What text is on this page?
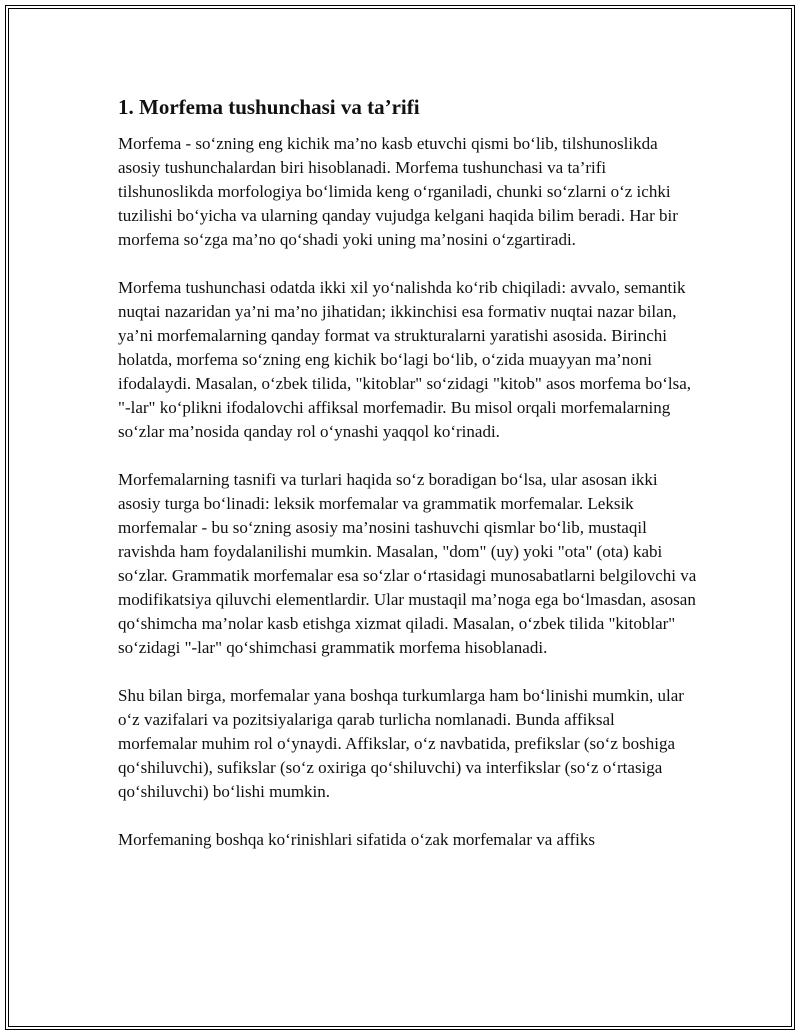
1. Morfema tushunchasi va ta’rifi

Morfema - so‘zning eng kichik ma’no kasb etuvchi qismi bo‘lib, tilshunoslikda asosiy tushunchalardan biri hisoblanadi. Morfema tushunchasi va ta’rifi tilshunoslikda morfologiya bo‘limida keng o‘rganiladi, chunki so‘zlarni o‘z ichki tuzilishi bo‘yicha va ularning qanday vujudga kelgani haqida bilim beradi. Har bir morfema so‘zga ma’no qo‘shadi yoki uning ma’nosini o‘zgartiradi.

Morfema tushunchasi odatda ikki xil yo‘nalishda ko‘rib chiqiladi: avvalo, semantik nuqtai nazaridan ya’ni ma’no jihatidan; ikkinchisi esa formativ nuqtai nazar bilan, ya’ni morfemalarning qanday format va strukturalarni yaratishi asosida. Birinchi holatda, morfema so‘zning eng kichik bo‘lagi bo‘lib, o‘zida muayyan ma’noni ifodalaydi. Masalan, o‘zbek tilida, "kitoblar" so‘zidagi "kitob" asos morfema bo‘lsa, "-lar" ko‘plikni ifodalovchi affiksal morfemadir. Bu misol orqali morfemalarning so‘zlar ma’nosida qanday rol o‘ynashi yaqqol ko‘rinadi.

Morfemalarning tasnifi va turlari haqida so‘z boradigan bo‘lsa, ular asosan ikki asosiy turga bo‘linadi: leksik morfemalar va grammatik morfemalar. Leksik morfemalar - bu so‘zning asosiy ma’nosini tashuvchi qismlar bo‘lib, mustaqil ravishda ham foydalanilishi mumkin. Masalan, "dom" (uy) yoki "ota" (ota) kabi so‘zlar. Grammatik morfemalar esa so‘zlar o‘rtasidagi munosabatlarni belgilovchi va modifikatsiya qiluvchi elementlardir. Ular mustaqil ma’noga ega bo‘lmasdan, asosan qo‘shimcha ma’nolar kasb etishga xizmat qiladi. Masalan, o‘zbek tilida "kitoblar" so‘zidagi "-lar" qo‘shimchasi grammatik morfema hisoblanadi.

Shu bilan birga, morfemalar yana boshqa turkumlarga ham bo‘linishi mumkin, ular o‘z vazifalari va pozitsiyalariga qarab turlicha nomlanadi. Bunda affiksal morfemalar muhim rol o‘ynaydi. Affikslar, o‘z navbatida, prefikslar (so‘z boshiga qo‘shiluvchi), sufikslar (so‘z oxiriga qo‘shiluvchi) va interfikslar (so‘z o‘rtasiga qo‘shiluvchi) bo‘lishi mumkin.

Morfemaning boshqa ko‘rinishlari sifatida o‘zak morfemalar va affiks
